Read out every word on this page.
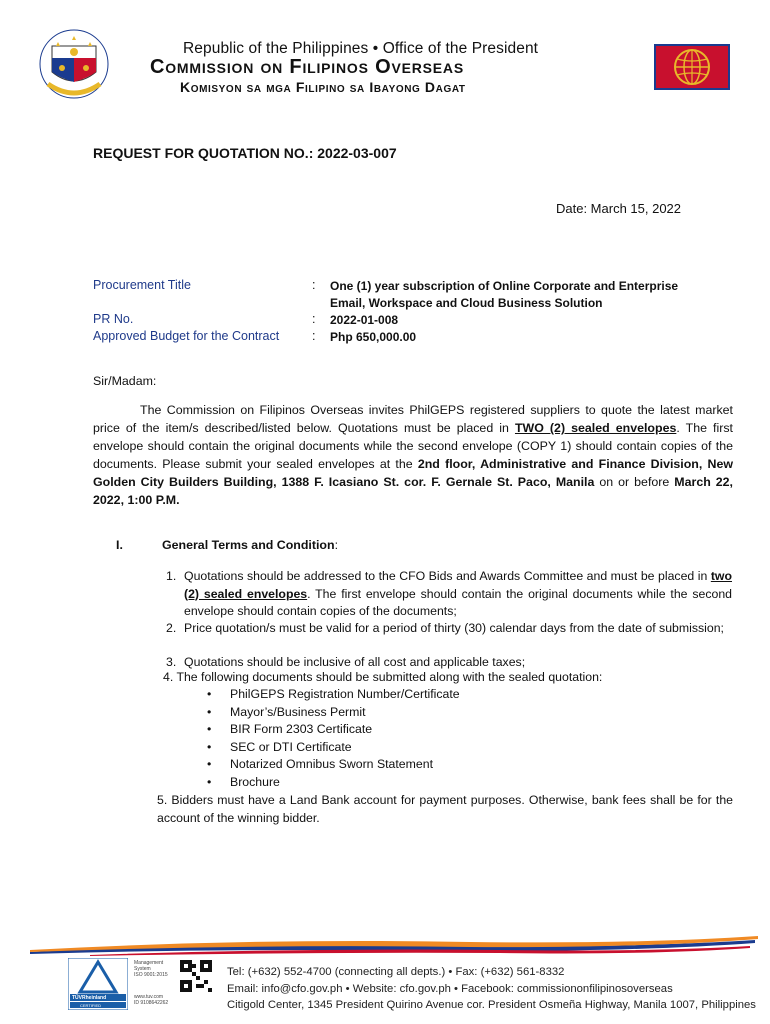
Republic of the Philippines • Office of the President
Commission on Filipinos Overseas
Komisyon sa mga Filipino sa Ibayong Dagat
REQUEST FOR QUOTATION NO.: 2022-03-007
Date: March 15, 2022
Procurement Title	: One (1) year subscription of Online Corporate and Enterprise
Email, Workspace and Cloud Business Solution
PR No.	: 2022-01-008
Approved Budget for the Contract	: Php 650,000.00
Sir/Madam:
The Commission on Filipinos Overseas invites PhilGEPS registered suppliers to quote the latest market price of the item/s described/listed below. Quotations must be placed in TWO (2) sealed envelopes. The first envelope should contain the original documents while the second envelope (COPY 1) should contain copies of the documents. Please submit your sealed envelopes at the 2nd floor, Administrative and Finance Division, New Golden City Builders Building, 1388 F. Icasiano St. cor. F. Gernale St. Paco, Manila on or before March 22, 2022, 1:00 P.M.
I.	General Terms and Condition:
1. Quotations should be addressed to the CFO Bids and Awards Committee and must be placed in two (2) sealed envelopes. The first envelope should contain the original documents while the second envelope should contain copies of the documents;
2. Price quotation/s must be valid for a period of thirty (30) calendar days from the date of submission;
3. Quotations should be inclusive of all cost and applicable taxes;
4. The following documents should be submitted along with the sealed quotation:
• PhilGEPS Registration Number/Certificate
• Mayor’s/Business Permit
• BIR Form 2303 Certificate
• SEC or DTI Certificate
• Notarized Omnibus Sworn Statement
• Brochure
5. Bidders must have a Land Bank account for payment purposes. Otherwise, bank fees shall be for the account of the winning bidder.
TÜVRheinland
CERTIFIED
Management
System
ISO 9001:2015
www.tuv.com
ID 9108642262
Tel: (+632) 552-4700 (connecting all depts.) • Fax: (+632) 561-8332
Email: info@cfo.gov.ph • Website: cfo.gov.ph • Facebook: commissiononfilipinosoverseas
Citigold Center, 1345 President Quirino Avenue cor. President Osmeña Highway, Manila 1007, Philippines
